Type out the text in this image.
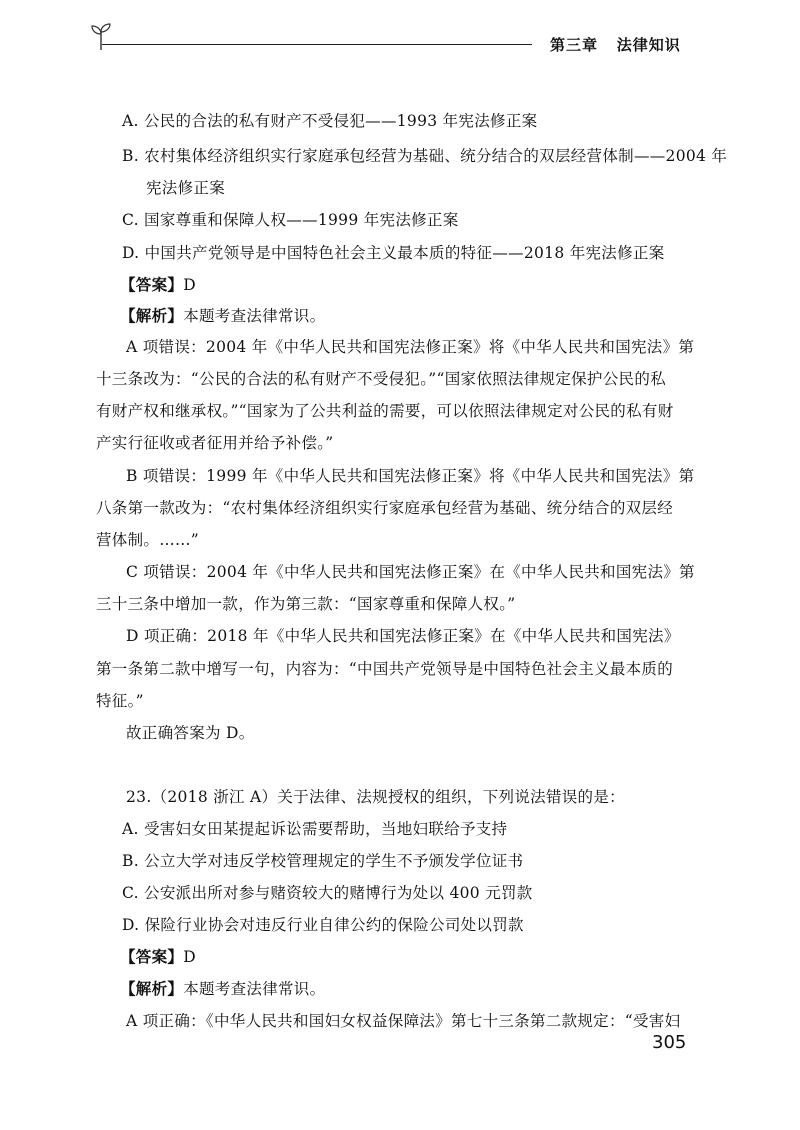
第三章 法律知识
A. 公民的合法的私有财产不受侵犯——1993 年宪法修正案
B. 农村集体经济组织实行家庭承包经营为基础、统分结合的双层经营体制——2004 年
宪法修正案
C. 国家尊重和保障人权——1999 年宪法修正案
D. 中国共产党领导是中国特色社会主义最本质的特征——2018 年宪法修正案
【答案】D
【解析】本题考查法律常识。
A 项错误：2004 年《中华人民共和国宪法修正案》将《中华人民共和国宪法》第
十三条改为：“公民的合法的私有财产不受侵犯。”“国家依照法律规定保护公民的私
有财产权和继承权。”“国家为了公共利益的需要，可以依照法律规定对公民的私有财
产实行征收或者征用并给予补偿。”
B 项错误：1999 年《中华人民共和国宪法修正案》将《中华人民共和国宪法》第
八条第一款改为：“农村集体经济组织实行家庭承包经营为基础、统分结合的双层经
营体制。……”
C 项错误：2004 年《中华人民共和国宪法修正案》在《中华人民共和国宪法》第
三十三条中增加一款，作为第三款：“国家尊重和保障人权。”
D 项正确：2018 年《中华人民共和国宪法修正案》在《中华人民共和国宪法》
第一条第二款中增写一句，内容为：“中国共产党领导是中国特色社会主义最本质的
特征。”
故正确答案为 D。
23.（2018 浙江 A）关于法律、法规授权的组织，下列说法错误的是：
A. 受害妇女田某提起诉讼需要帮助，当地妇联给予支持
B. 公立大学对违反学校管理规定的学生不予颁发学位证书
C. 公安派出所对参与赌资较大的赌博行为处以 400 元罚款
D. 保险行业协会对违反行业自律公约的保险公司处以罚款
【答案】D
【解析】本题考查法律常识。
A 项正确：《中华人民共和国妇女权益保障法》第七十三条第二款规定：“受害妇
305
